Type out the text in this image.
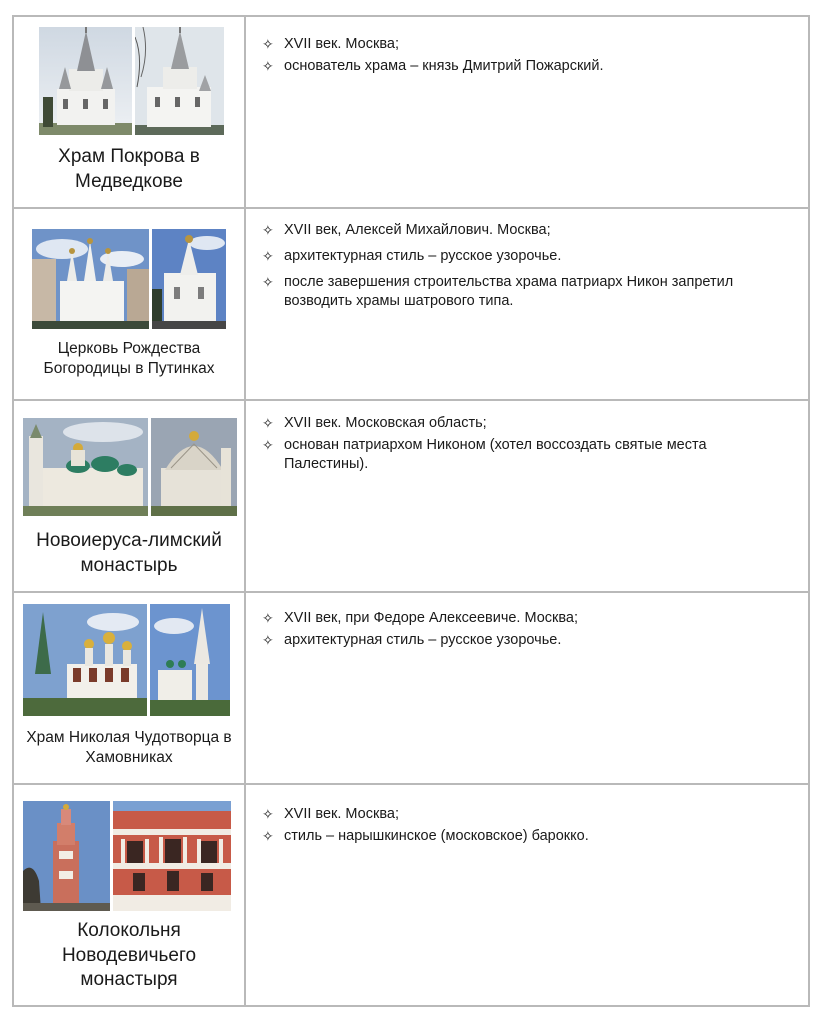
Храм Покрова в Медведкове
✧ XVII век. Москва;
✧ основатель храма – князь Дмитрий Пожарский.
Церковь Рождества Богородицы в Путинках
✧ XVII век, Алексей Михайлович. Москва;
✧ архитектурная стиль – русское узорочье.
✧ после завершения строительства храма патриарх Никон запретил возводить храмы шатрового типа.
Новоиеруса-лимский монастырь
✧ XVII век. Московская область;
✧ основан патриархом Никоном (хотел воссоздать святые места Палестины).
Храм Николая Чудотворца в Хамовниках
✧ XVII век, при Федоре Алексеевиче. Москва;
✧ архитектурная стиль – русское узорочье.
Колокольня Новодевичьего монастыря
✧ XVII век. Москва;
✧ стиль – нарышкинское (московское) барокко.
